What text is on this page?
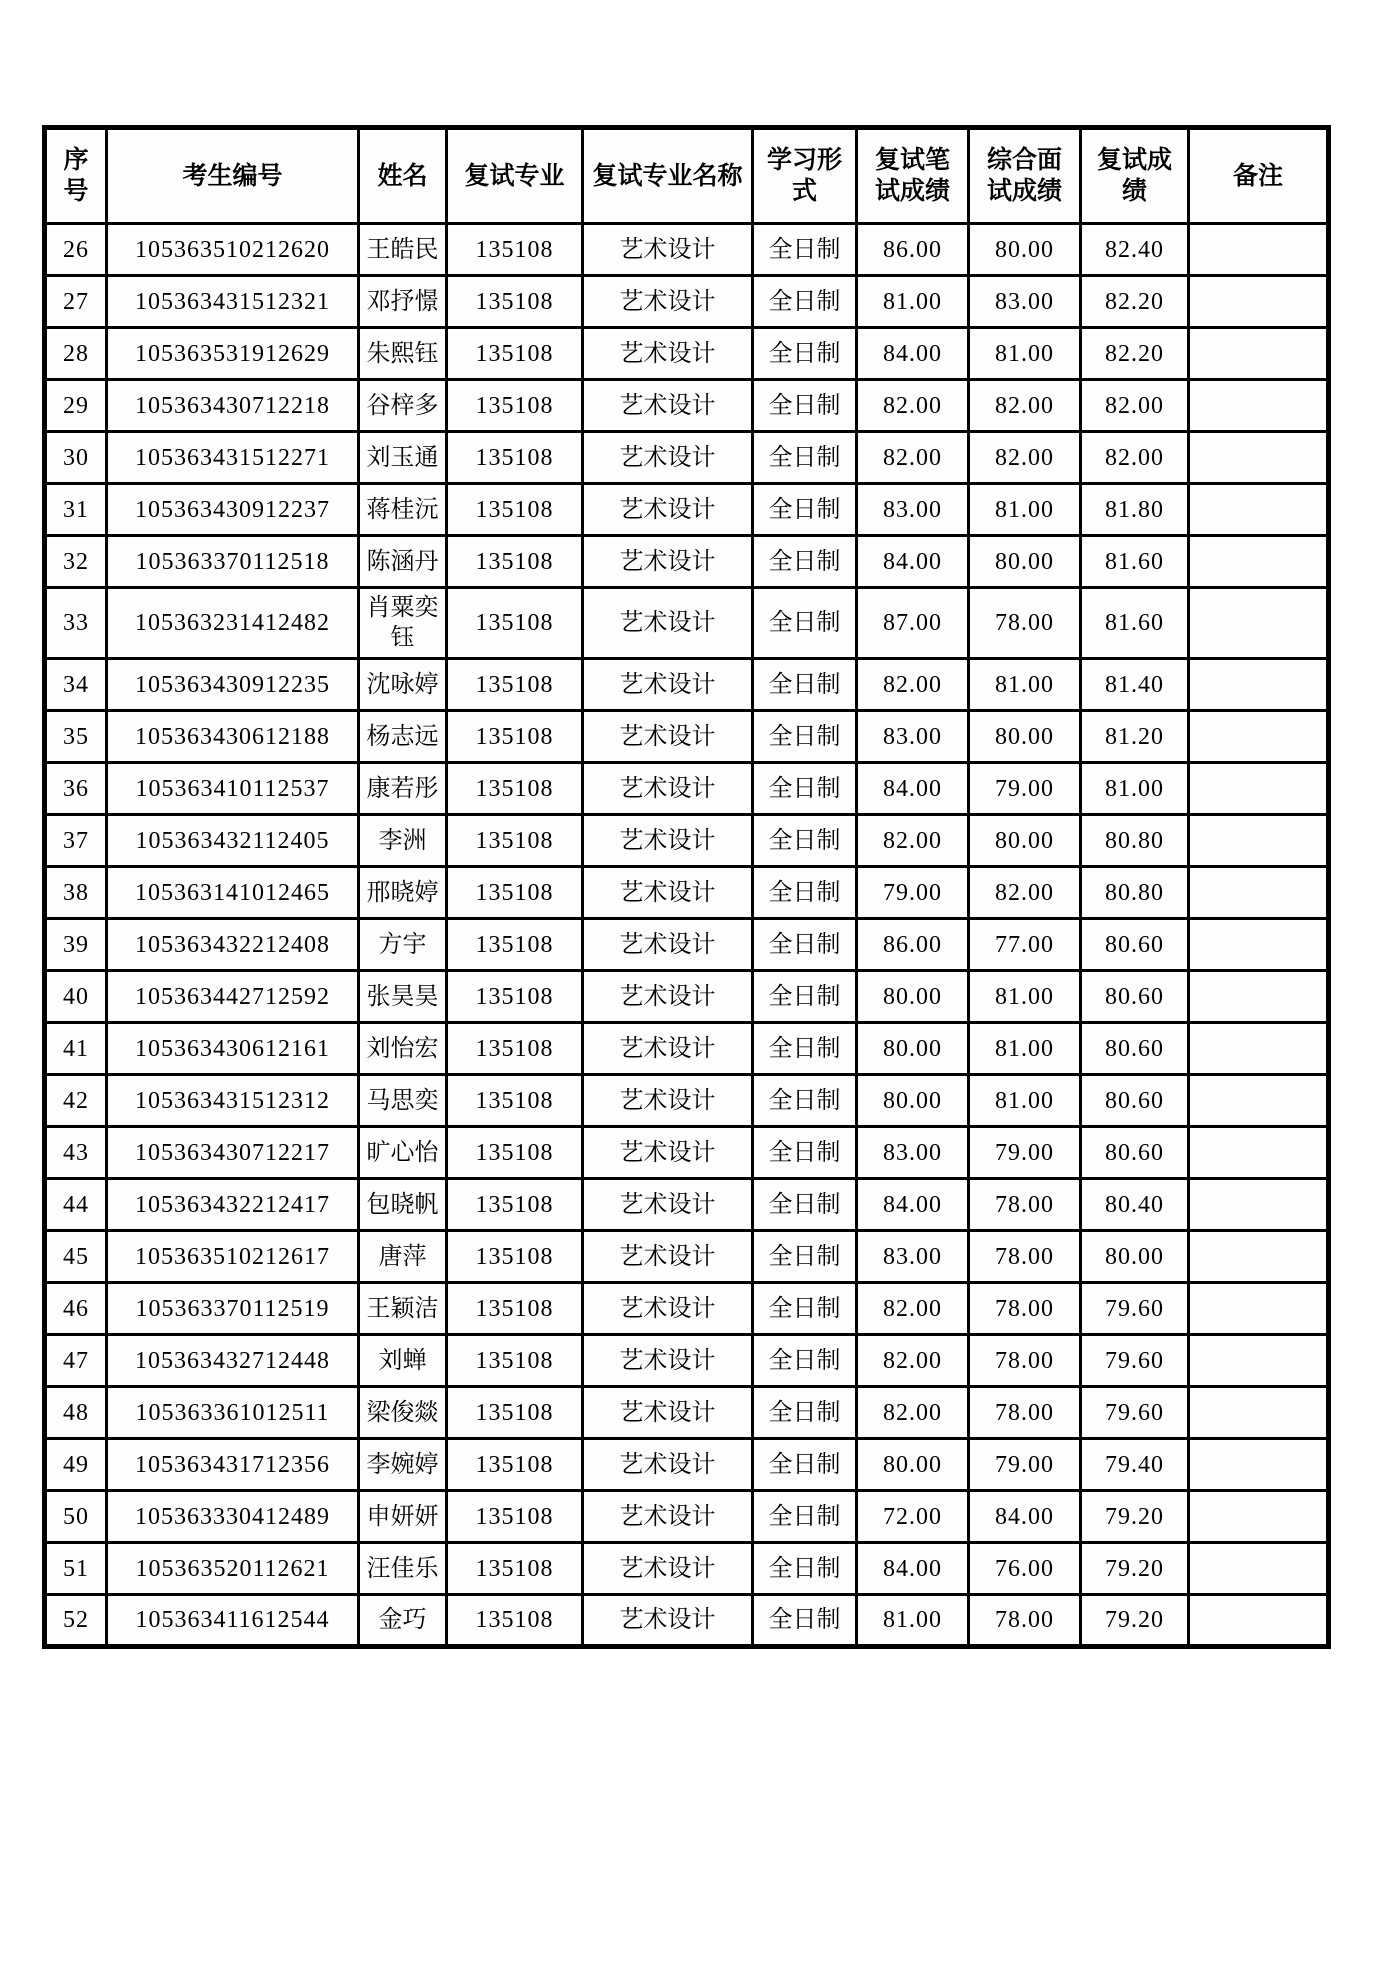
序号	考生编号	姓名	复试专业	复试专业名称	学习形式	复试笔试成绩	综合面试成绩	复试成绩	备注
26	105363510212620	王皓民	135108	艺术设计	全日制	86.00	80.00	82.40	
27	105363431512321	邓抒憬	135108	艺术设计	全日制	81.00	83.00	82.20	
28	105363531912629	朱熙钰	135108	艺术设计	全日制	84.00	81.00	82.20	
29	105363430712218	谷梓多	135108	艺术设计	全日制	82.00	82.00	82.00	
30	105363431512271	刘玉通	135108	艺术设计	全日制	82.00	82.00	82.00	
31	105363430912237	蒋桂沅	135108	艺术设计	全日制	83.00	81.00	81.80	
32	105363370112518	陈涵丹	135108	艺术设计	全日制	84.00	80.00	81.60	
33	105363231412482	肖粟奕钰	135108	艺术设计	全日制	87.00	78.00	81.60	
34	105363430912235	沈咏婷	135108	艺术设计	全日制	82.00	81.00	81.40	
35	105363430612188	杨志远	135108	艺术设计	全日制	83.00	80.00	81.20	
36	105363410112537	康若彤	135108	艺术设计	全日制	84.00	79.00	81.00	
37	105363432112405	李洲	135108	艺术设计	全日制	82.00	80.00	80.80	
38	105363141012465	邢晓婷	135108	艺术设计	全日制	79.00	82.00	80.80	
39	105363432212408	方宇	135108	艺术设计	全日制	86.00	77.00	80.60	
40	105363442712592	张昊昊	135108	艺术设计	全日制	80.00	81.00	80.60	
41	105363430612161	刘怡宏	135108	艺术设计	全日制	80.00	81.00	80.60	
42	105363431512312	马思奕	135108	艺术设计	全日制	80.00	81.00	80.60	
43	105363430712217	旷心怡	135108	艺术设计	全日制	83.00	79.00	80.60	
44	105363432212417	包晓帆	135108	艺术设计	全日制	84.00	78.00	80.40	
45	105363510212617	唐萍	135108	艺术设计	全日制	83.00	78.00	80.00	
46	105363370112519	王颖洁	135108	艺术设计	全日制	82.00	78.00	79.60	
47	105363432712448	刘蝉	135108	艺术设计	全日制	82.00	78.00	79.60	
48	105363361012511	梁俊燚	135108	艺术设计	全日制	82.00	78.00	79.60	
49	105363431712356	李婉婷	135108	艺术设计	全日制	80.00	79.00	79.40	
50	105363330412489	申妍妍	135108	艺术设计	全日制	72.00	84.00	79.20	
51	105363520112621	汪佳乐	135108	艺术设计	全日制	84.00	76.00	79.20	
52	105363411612544	金巧	135108	艺术设计	全日制	81.00	78.00	79.20	
